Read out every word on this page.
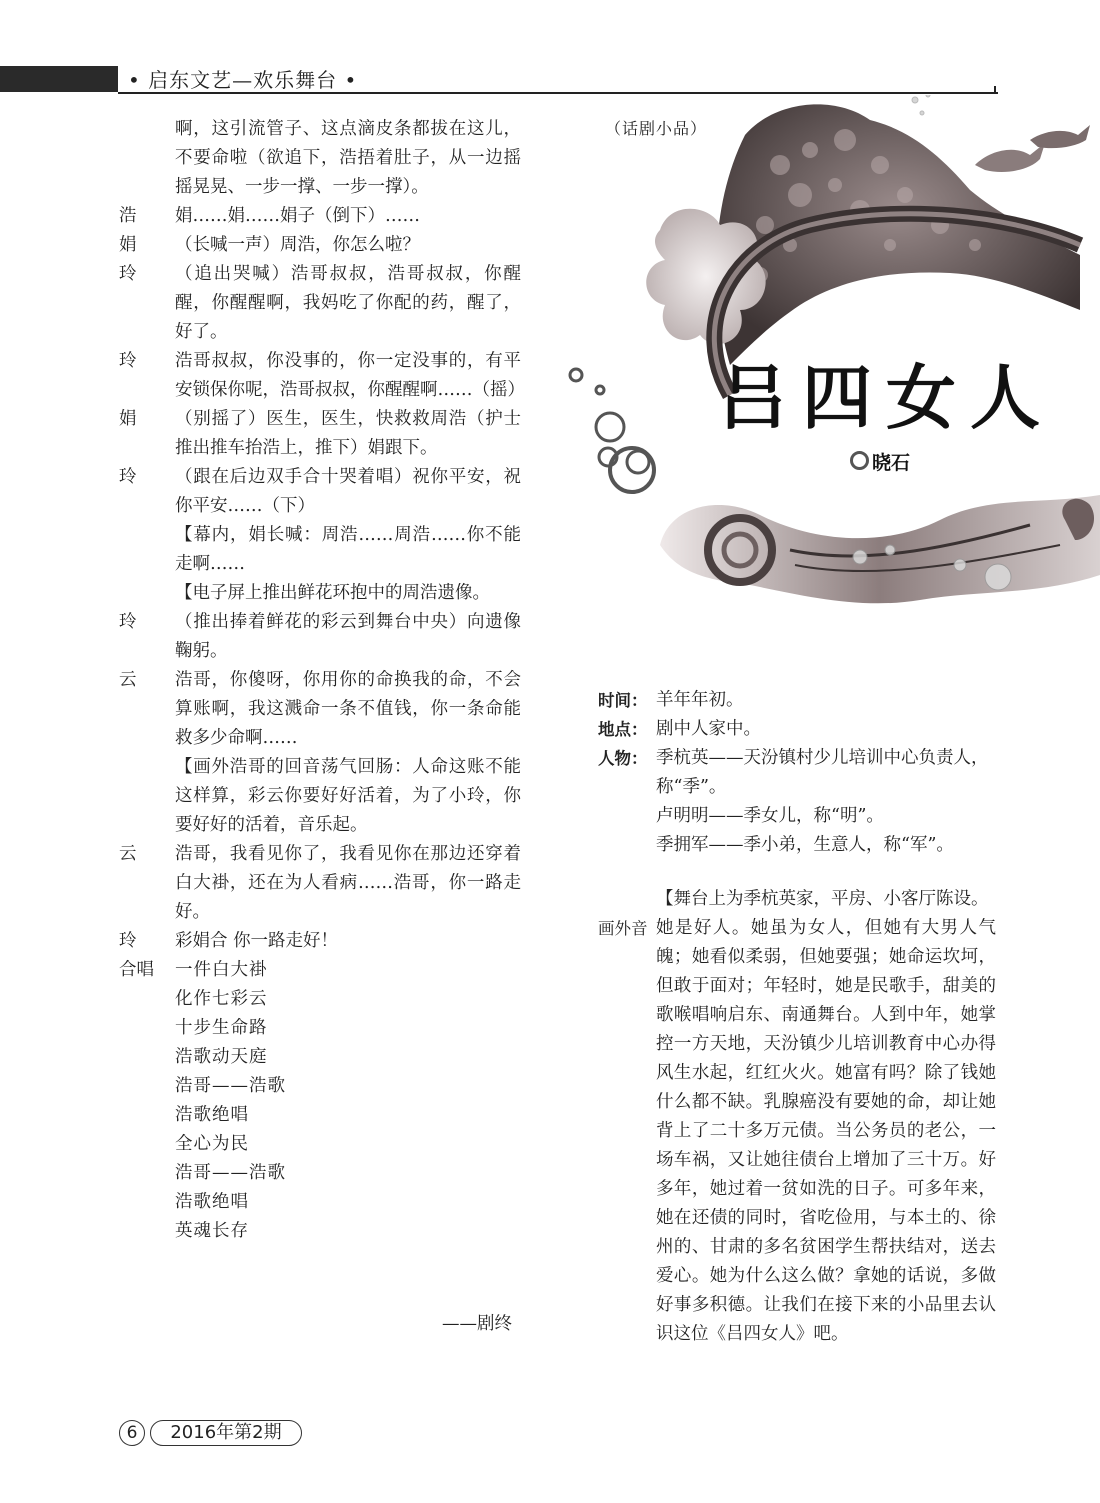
• 启东文艺—欢乐舞台 •
啊，这引流管子、这点滴皮条都拔在这儿，不要命啦（欲追下，浩捂着肚子，从一边摇摇晃晃、一步一撑、一步一撑）。
浩 娟……娟……娟子（倒下）……
娟 （长喊一声）周浩，你怎么啦？
玲 （追出哭喊）浩哥叔叔，浩哥叔叔，你醒醒，你醒醒啊，我妈吃了你配的药，醒了，好了。
玲 浩哥叔叔，你没事的，你一定没事的，有平安锁保你呢，浩哥叔叔，你醒醒啊……（摇）
娟 （别摇了）医生，医生，快救救周浩（护士推出推车抬浩上，推下）娟跟下。
玲 （跟在后边双手合十哭着唱）祝你平安，祝你平安……（下）
【幕内，娟长喊：周浩……周浩……你不能走啊……
【电子屏上推出鲜花环抱中的周浩遗像。
玲 （推出捧着鲜花的彩云到舞台中央）向遗像鞠躬。
云 浩哥，你傻呀，你用你的命换我的命，不会算账啊，我这溅命一条不值钱，你一条命能救多少命啊……
【画外浩哥的回音荡气回肠：人命这账不能这样算，彩云你要好好活着，为了小玲，你要好好的活着，音乐起。
云 浩哥，我看见你了，我看见你在那边还穿着白大褂，还在为人看病……浩哥，你一路走好。
玲 彩娟合 你一路走好！
合唱 一件白大褂
化作七彩云
十步生命路
浩歌动天庭
浩哥——浩歌
浩歌绝唱
全心为民
浩哥——浩歌
浩歌绝唱
英魂长存
——剧终
（话剧小品）
吕四女人
晓石
时间： 羊年年初。
地点： 剧中人家中。
人物： 季杭英——天汾镇村少儿培训中心负责人，称“季”。
卢明明——季女儿，称“明”。
季拥军——季小弟，生意人，称“军”。
【舞台上为季杭英家，平房、小客厅陈设。
画外音 她是好人。她虽为女人，但她有大男人气魄；她看似柔弱，但她要强；她命运坎坷，但敢于面对；年轻时，她是民歌手，甜美的歌喉唱响启东、南通舞台。人到中年，她掌控一方天地，天汾镇少儿培训教育中心办得风生水起，红红火火。她富有吗？除了钱她什么都不缺。乳腺癌没有要她的命，却让她背上了二十多万元债。当公务员的老公，一场车祸，又让她往债台上增加了三十万。好多年，她过着一贫如洗的日子。可多年来，她在还债的同时，省吃俭用，与本土的、徐州的、甘肃的多名贫困学生帮扶结对，送去爱心。她为什么这么做？拿她的话说，多做好事多积德。让我们在接下来的小品里去认识这位《吕四女人》吧。
6	2016年第2期
